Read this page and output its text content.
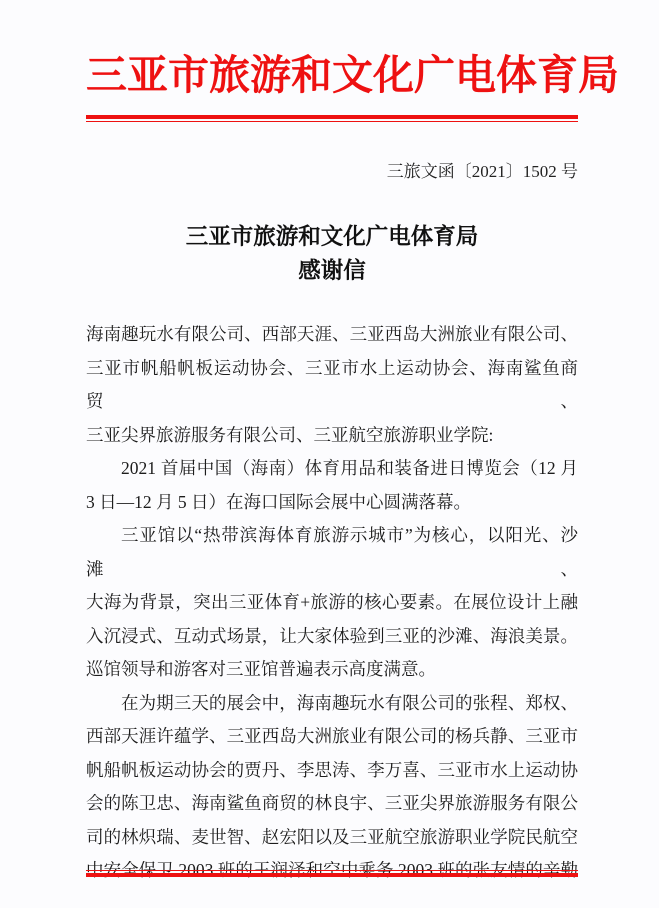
三亚市旅游和文化广电体育局
三旅文函〔2021〕1502 号
三亚市旅游和文化广电体育局
感谢信
海南趣玩水有限公司、西部天涯、三亚西岛大洲旅业有限公司、
三亚市帆船帆板运动协会、三亚市水上运动协会、海南鲨鱼商贸、
三亚尖界旅游服务有限公司、三亚航空旅游职业学院:
2021 首届中国（海南）体育用品和装备进日博览会（12 月
3 日—12 月 5 日）在海口国际会展中心圆满落幕。
三亚馆以“热带滨海体育旅游示城市”为核心，以阳光、沙滩、
大海为背景，突出三亚体育+旅游的核心要素。在展位设计上融
入沉浸式、互动式场景，让大家体验到三亚的沙滩、海浪美景。
巡馆领导和游客对三亚馆普遍表示高度满意。
在为期三天的展会中，海南趣玩水有限公司的张程、郑权、
西部天涯许蕴学、三亚西岛大洲旅业有限公司的杨兵静、三亚市
帆船帆板运动协会的贾丹、李思涛、李万喜、三亚市水上运动协
会的陈卫忠、海南鲨鱼商贸的林良宇、三亚尖界旅游服务有限公
司的林炽瑞、麦世智、赵宏阳以及三亚航空旅游职业学院民航空
中安全保卫 2003 班的王润泽和空中乘务 2003 班的张友情的辛勤
